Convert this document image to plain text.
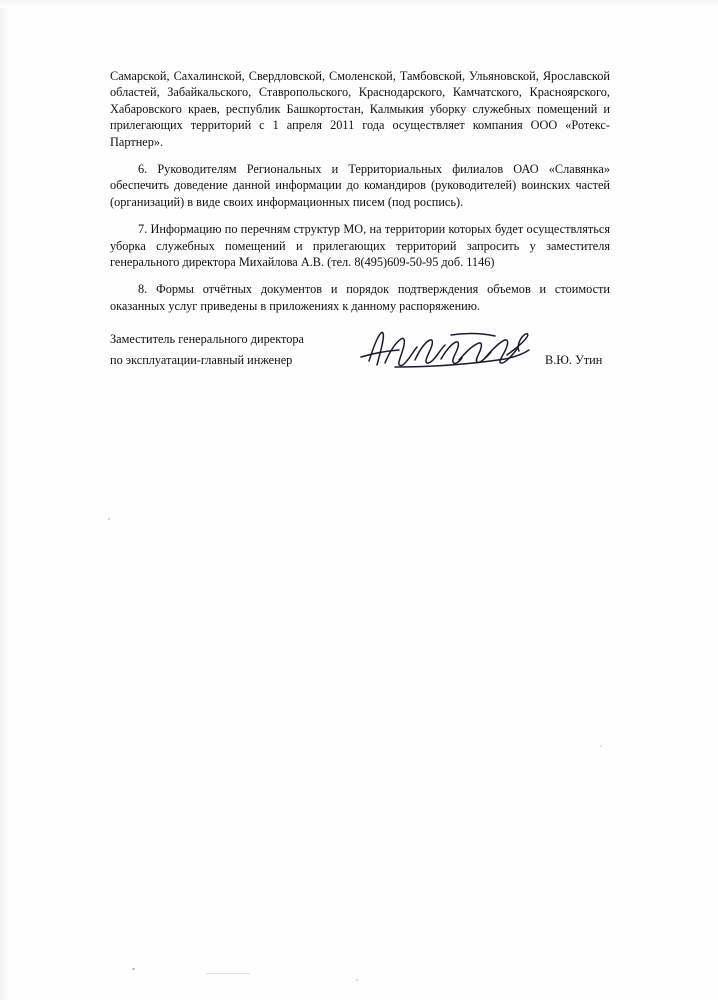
Самарской, Сахалинской, Свердловской, Смоленской, Тамбовской, Ульяновской, Ярославской областей, Забайкальского, Ставропольского, Краснодарского, Камчатского, Красноярского, Хабаровского краев, республик Башкортостан, Калмыкия уборку служебных помещений и прилегающих территорий с 1 апреля 2011 года осуществляет компания ООО «Ротекс-Партнер».

6. Руководителям Региональных и Территориальных филиалов ОАО «Славянка» обеспечить доведение данной информации до командиров (руководителей) воинских частей (организаций) в виде своих информационных писем (под роспись).

7. Информацию по перечням структур МО, на территории которых будет осуществляться уборка служебных помещений и прилегающих территорий запросить у заместителя генерального директора Михайлова А.В. (тел. 8(495)609-50-95 доб. 1146)

8. Формы отчётных документов и порядок подтверждения объемов и стоимости оказанных услуг приведены в приложениях к данному распоряжению.

Заместитель генерального директора
по эксплуатации-главный инженер	В.Ю. Утин
